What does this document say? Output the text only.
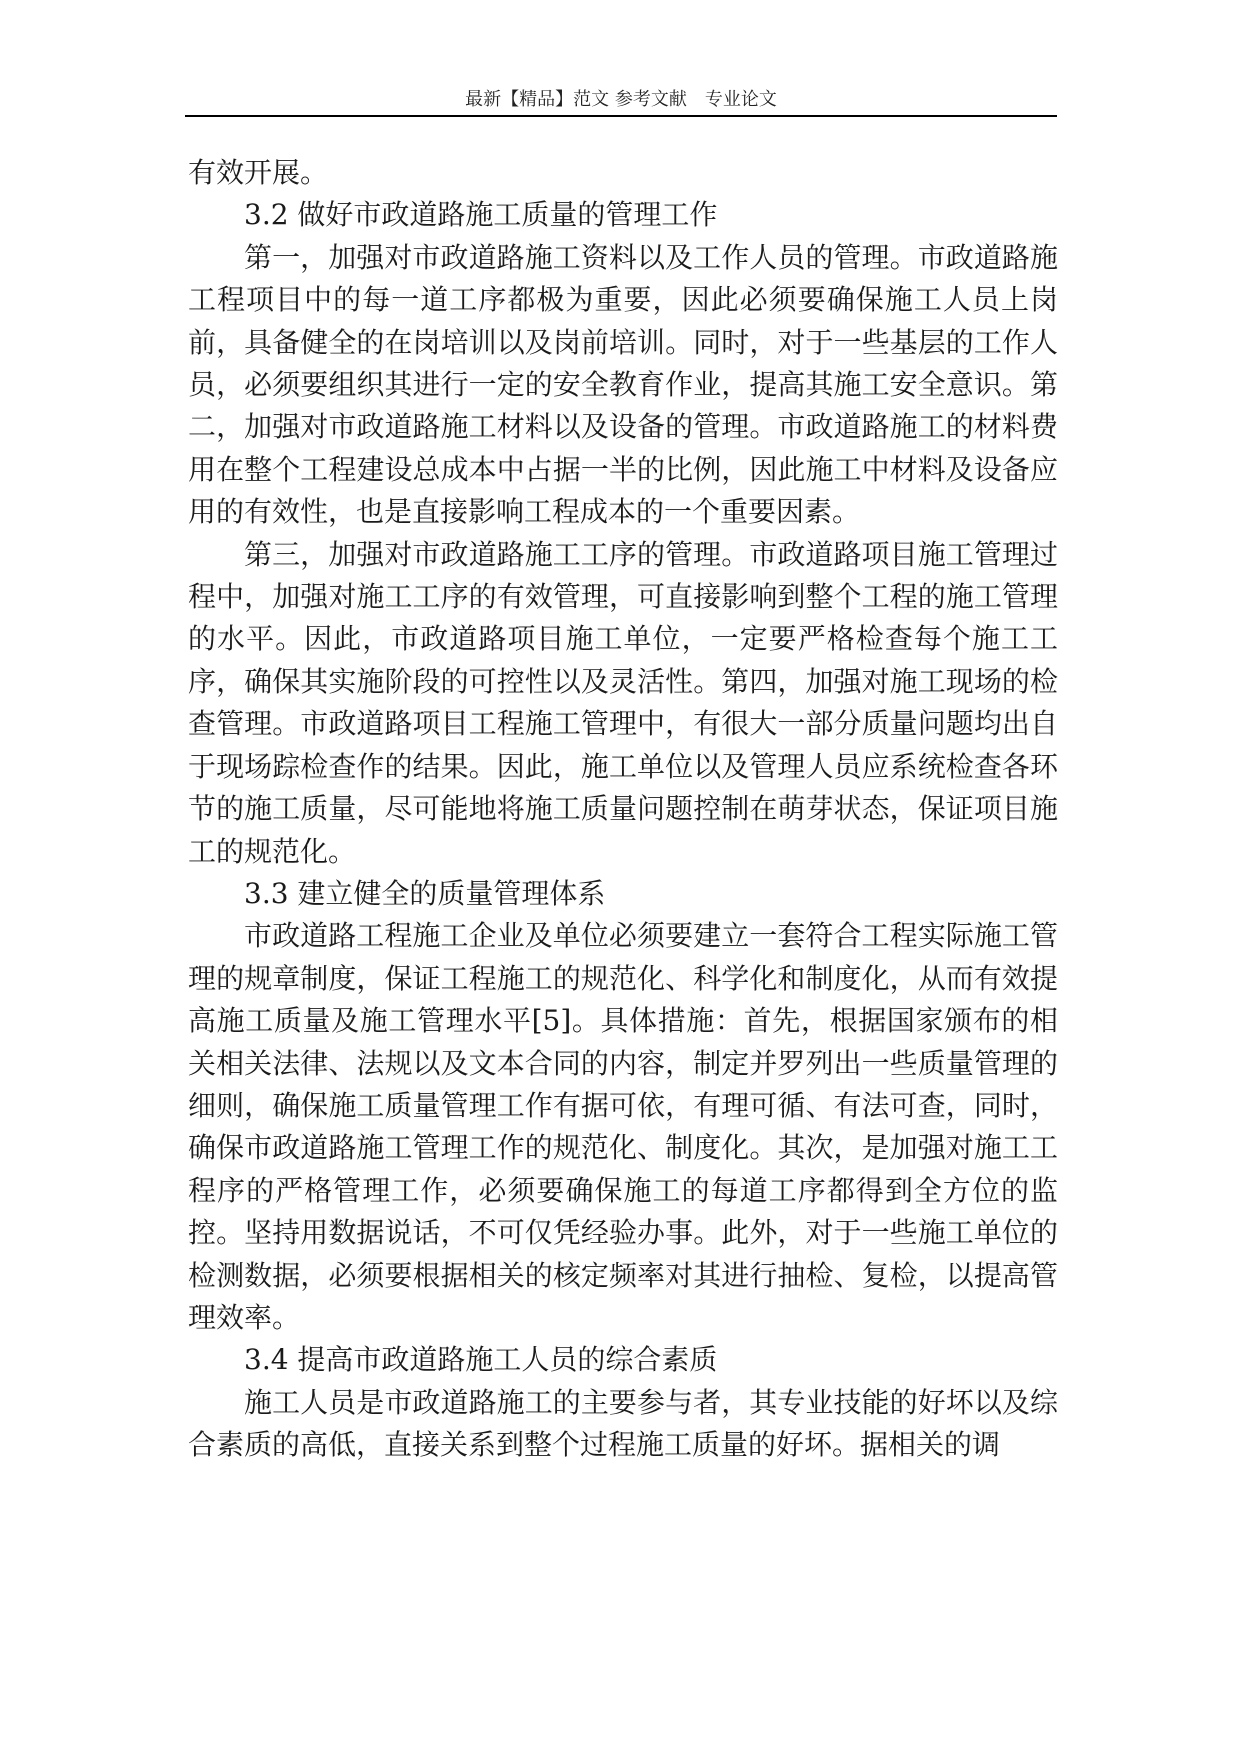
最新【精品】范文 参考文献　专业论文

有效开展。

3.2 做好市政道路施工质量的管理工作

第一，加强对市政道路施工资料以及工作人员的管理。市政道路施工程项目中的每一道工序都极为重要，因此必须要确保施工人员上岗前，具备健全的在岗培训以及岗前培训。同时，对于一些基层的工作人员，必须要组织其进行一定的安全教育作业，提高其施工安全意识。第二，加强对市政道路施工材料以及设备的管理。市政道路施工的材料费用在整个工程建设总成本中占据一半的比例，因此施工中材料及设备应用的有效性，也是直接影响工程成本的一个重要因素。

第三，加强对市政道路施工工序的管理。市政道路项目施工管理过程中，加强对施工工序的有效管理，可直接影响到整个工程的施工管理的水平。因此，市政道路项目施工单位，一定要严格检查每个施工工序，确保其实施阶段的可控性以及灵活性。第四，加强对施工现场的检查管理。市政道路项目工程施工管理中，有很大一部分质量问题均出自于现场踪检查作的结果。因此，施工单位以及管理人员应系统检查各环节的施工质量，尽可能地将施工质量问题控制在萌芽状态，保证项目施工的规范化。

3.3 建立健全的质量管理体系

市政道路工程施工企业及单位必须要建立一套符合工程实际施工管理的规章制度，保证工程施工的规范化、科学化和制度化，从而有效提高施工质量及施工管理水平[5]。具体措施：首先，根据国家颁布的相关相关法律、法规以及文本合同的内容，制定并罗列出一些质量管理的细则，确保施工质量管理工作有据可依，有理可循、有法可查，同时，确保市政道路施工管理工作的规范化、制度化。其次，是加强对施工工程序的严格管理工作，必须要确保施工的每道工序都得到全方位的监控。坚持用数据说话，不可仅凭经验办事。此外，对于一些施工单位的检测数据，必须要根据相关的核定频率对其进行抽检、复检，以提高管理效率。

3.4 提高市政道路施工人员的综合素质

施工人员是市政道路施工的主要参与者，其专业技能的好坏以及综合素质的高低，直接关系到整个过程施工质量的好坏。据相关的调
